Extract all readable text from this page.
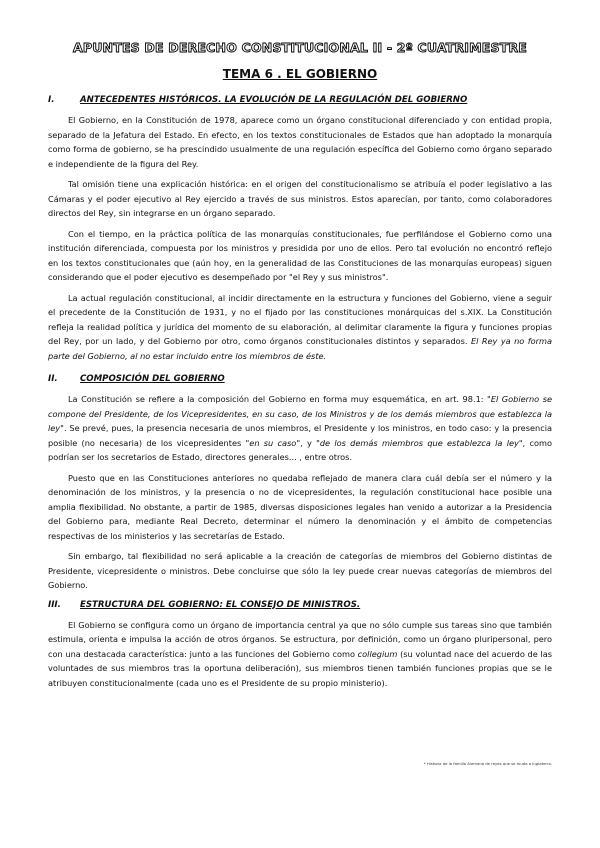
APUNTES DE DERECHO CONSTITUCIONAL II - 2º CUATRIMESTRE
TEMA 6 . EL GOBIERNO
I.	ANTECEDENTES HISTÓRICOS. LA EVOLUCIÓN DE LA REGULACIÓN DEL GOBIERNO

El Gobierno, en la Constitución de 1978, aparece como un órgano constitucional diferenciado y con entidad propia, separado de la Jefatura del Estado. En efecto, en los textos constitucionales de Estados que han adoptado la monarquía como forma de gobierno, se ha prescindido usualmente de una regulación específica del Gobierno como órgano separado e independiente de la figura del Rey.

Tal omisión tiene una explicación histórica: en el origen del constitucionalismo se atribuía el poder legislativo a las Cámaras y el poder ejecutivo al Rey ejercido a través de sus ministros. Estos aparecían, por tanto, como colaboradores directos del Rey, sin integrarse en un órgano separado.

Con el tiempo, en la práctica política de las monarquías constitucionales, fue perfilándose el Gobierno como una institución diferenciada, compuesta por los ministros y presidida por uno de ellos. Pero tal evolución no encontró reflejo en los textos constitucionales que (aún hoy, en la generalidad de las Constituciones de las monarquías europeas) siguen considerando que el poder ejecutivo es desempeñado por "el Rey y sus ministros".

La actual regulación constitucional, al incidir directamente en la estructura y funciones del Gobierno, viene a seguir el precedente de la Constitución de 1931, y no el fijado por las constituciones monárquicas del s.XIX. La Constitución refleja la realidad política y jurídica del momento de su elaboración, al delimitar claramente la figura y funciones propias del Rey, por un lado, y del Gobierno por otro, como órganos constitucionales distintos y separados. El Rey ya no forma parte del Gobierno, al no estar incluido entre los miembros de éste.

II.	COMPOSICIÓN DEL GOBIERNO

La Constitución se refiere a la composición del Gobierno en forma muy esquemática, en art. 98.1: "El Gobierno se compone del Presidente, de los Vicepresidentes, en su caso, de los Ministros y de los demás miembros que establezca la ley". Se prevé, pues, la presencia necesaria de unos miembros, el Presidente y los ministros, en todo caso: y la presencia posible (no necesaria) de los vicepresidentes "en su caso", y "de los demás miembros que establezca la ley", como podrían ser los secretarios de Estado, directores generales... , entre otros.

Puesto que en las Constituciones anteriores no quedaba reflejado de manera clara cuál debía ser el número y la denominación de los ministros, y la presencia o no de vicepresidentes, la regulación constitucional hace posible una amplia flexibilidad. No obstante, a partir de 1985, diversas disposiciones legales han venido a autorizar a la Presidencia del Gobierno para, mediante Real Decreto, determinar el número la denominación y el ámbito de competencias respectivas de los ministerios y las secretarías de Estado.

Sin embargo, tal flexibilidad no será aplicable a la creación de categorías de miembros del Gobierno distintas de Presidente, vicepresidente o ministros. Debe concluirse que sólo la ley puede crear nuevas categorías de miembros del Gobierno.

III.	ESTRUCTURA DEL GOBIERNO: EL CONSEJO DE MINISTROS.

El Gobierno se configura como un órgano de importancia central ya que no sólo cumple sus tareas sino que también estimula, orienta e impulsa la acción de otros órganos. Se estructura, por definición, como un órgano pluripersonal, pero con una destacada característica: junto a las funciones del Gobierno como collegium (su voluntad nace del acuerdo de las voluntades de sus miembros tras la oportuna deliberación), sus miembros tienen también funciones propias que se le atribuyen constitucionalmente (cada uno es el Presidente de su propio ministerio).

* Historia de la familia Alemana de reyes que se muda a Inglaterra.
